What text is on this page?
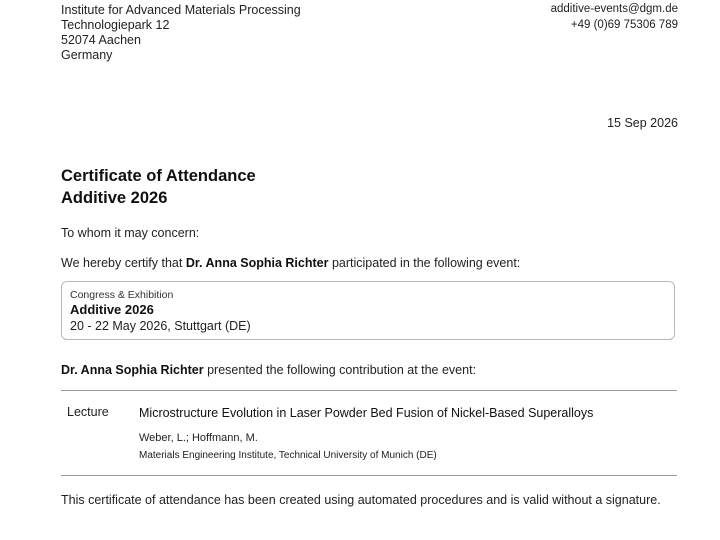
Institute for Advanced Materials Processing
Technologiepark 12
52074 Aachen
Germany
additive-events@dgm.de
+49 (0)69 75306 789
15 Sep 2026
Certificate of Attendance
Additive 2026
To whom it may concern:
We hereby certify that Dr. Anna Sophia Richter participated in the following event:
Congress & Exhibition
Additive 2026
20 - 22 May 2026, Stuttgart (DE)
Dr. Anna Sophia Richter presented the following contribution at the event:
Lecture Microstructure Evolution in Laser Powder Bed Fusion of Nickel-Based Superalloys
Weber, L.; Hoffmann, M.
Materials Engineering Institute, Technical University of Munich (DE)
This certificate of attendance has been created using automated procedures and is valid without a signature.
